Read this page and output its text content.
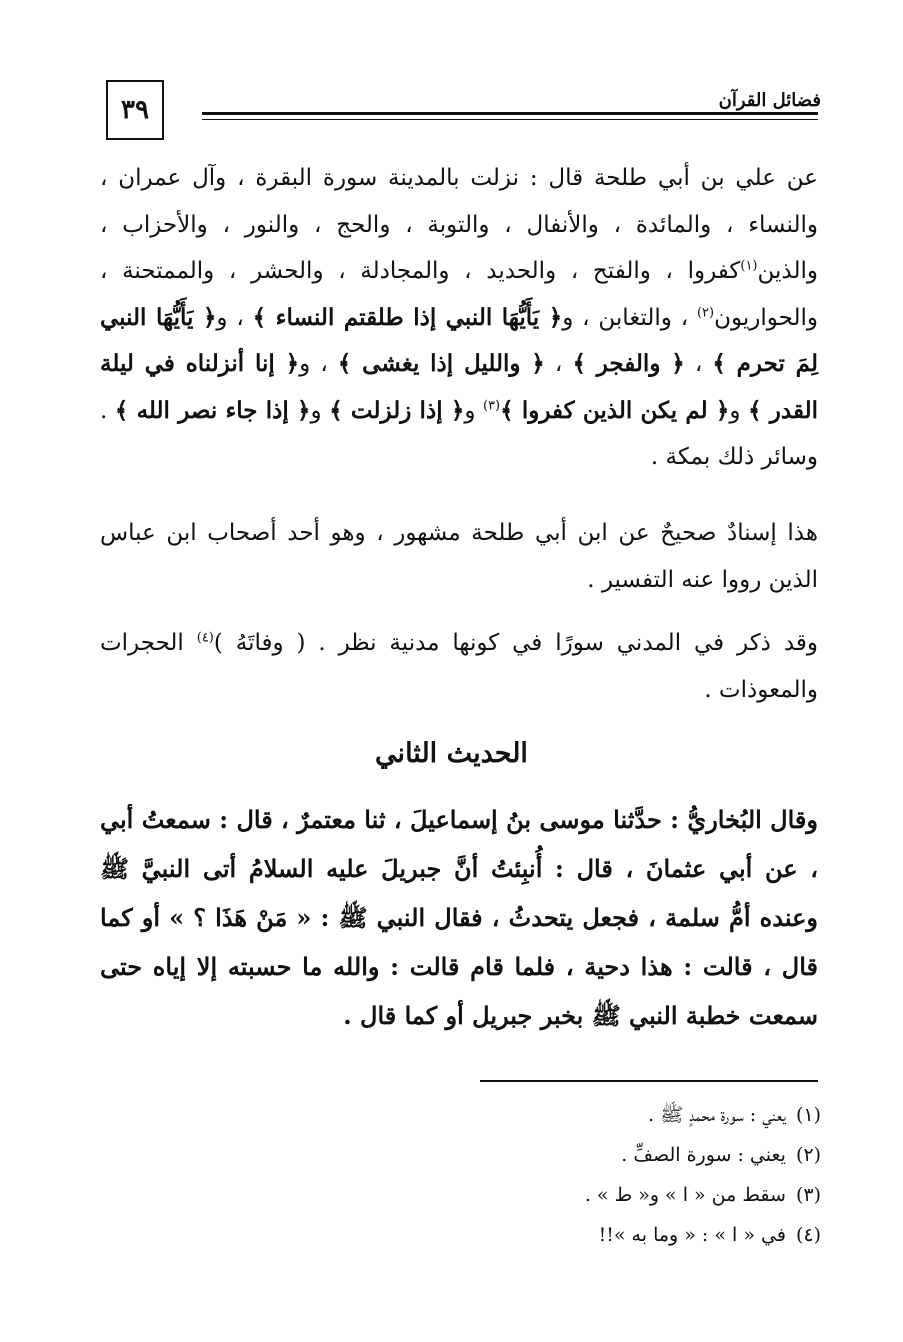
٣٩	فضائل القرآن

عن علي بن أبي طلحة قال : نزلت بالمدينة سورة البقرة ، وآل عمران ، والنساء ، والمائدة ، والأنفال ، والتوبة ، والحج ، والنور ، والأحزاب ، والذين$^{(١)}$كفروا ، والفتح ، والحديد ، والمجادلة ، والحشر ، والممتحنة ، والحواريون$^{(٢)}$ ، والتغابن ، و﴿ يَأَيُّهَا النبي إذا طلقتم النساء ﴾ ، و﴿ يَأَيُّهَا النبي لِمَ تحرم ﴾ ، ﴿ والفجر ﴾ ، ﴿ والليل إذا يغشى ﴾ ، و﴿ إنا أنزلناه في ليلة القدر ﴾ و﴿ لم يكن الذين كفروا ﴾$^{(٣)}$ و﴿ إذا زلزلت ﴾ و﴿ إذا جاء نصر الله ﴾ . وسائر ذلك بمكة .

هذا إسنادٌ صحيحٌ عن ابن أبي طلحة مشهور ، وهو أحد أصحاب ابن عباس الذين رووا عنه التفسير .

وقد ذكر في المدني سورًا في كونها مدنية نظر . ( وفاتَهُ )$^{(٤)}$ الحجرات والمعوذات .

الحديث الثاني

وقال البُخاريُّ : حدَّثنا موسى بنُ إسماعيلَ ، ثنا معتمرٌ ، قال : سمعتُ أبي ، عن أبي عثمانَ ، قال : أُنبِئتُ أنَّ جبريلَ عليه السلامُ أتى النبيَّ ﷺ وعنده أمُّ سلمة ، فجعل يتحدثُ ، فقال النبي ﷺ : « مَنْ هَذَا ؟ » أو كما قال ، قالت : هذا دحية ، فلما قام قالت : والله ما حسبته إلا إياه حتى سمعت خطبة النبي ﷺ بخبر جبريل أو كما قال .

(١)يعني : سورة محمدٍ ﷺ .
(٢)يعني : سورة الصفِّ .
(٣)سقط من « ا » و« ط » .
(٤)في « ا » : « وما به »!!
